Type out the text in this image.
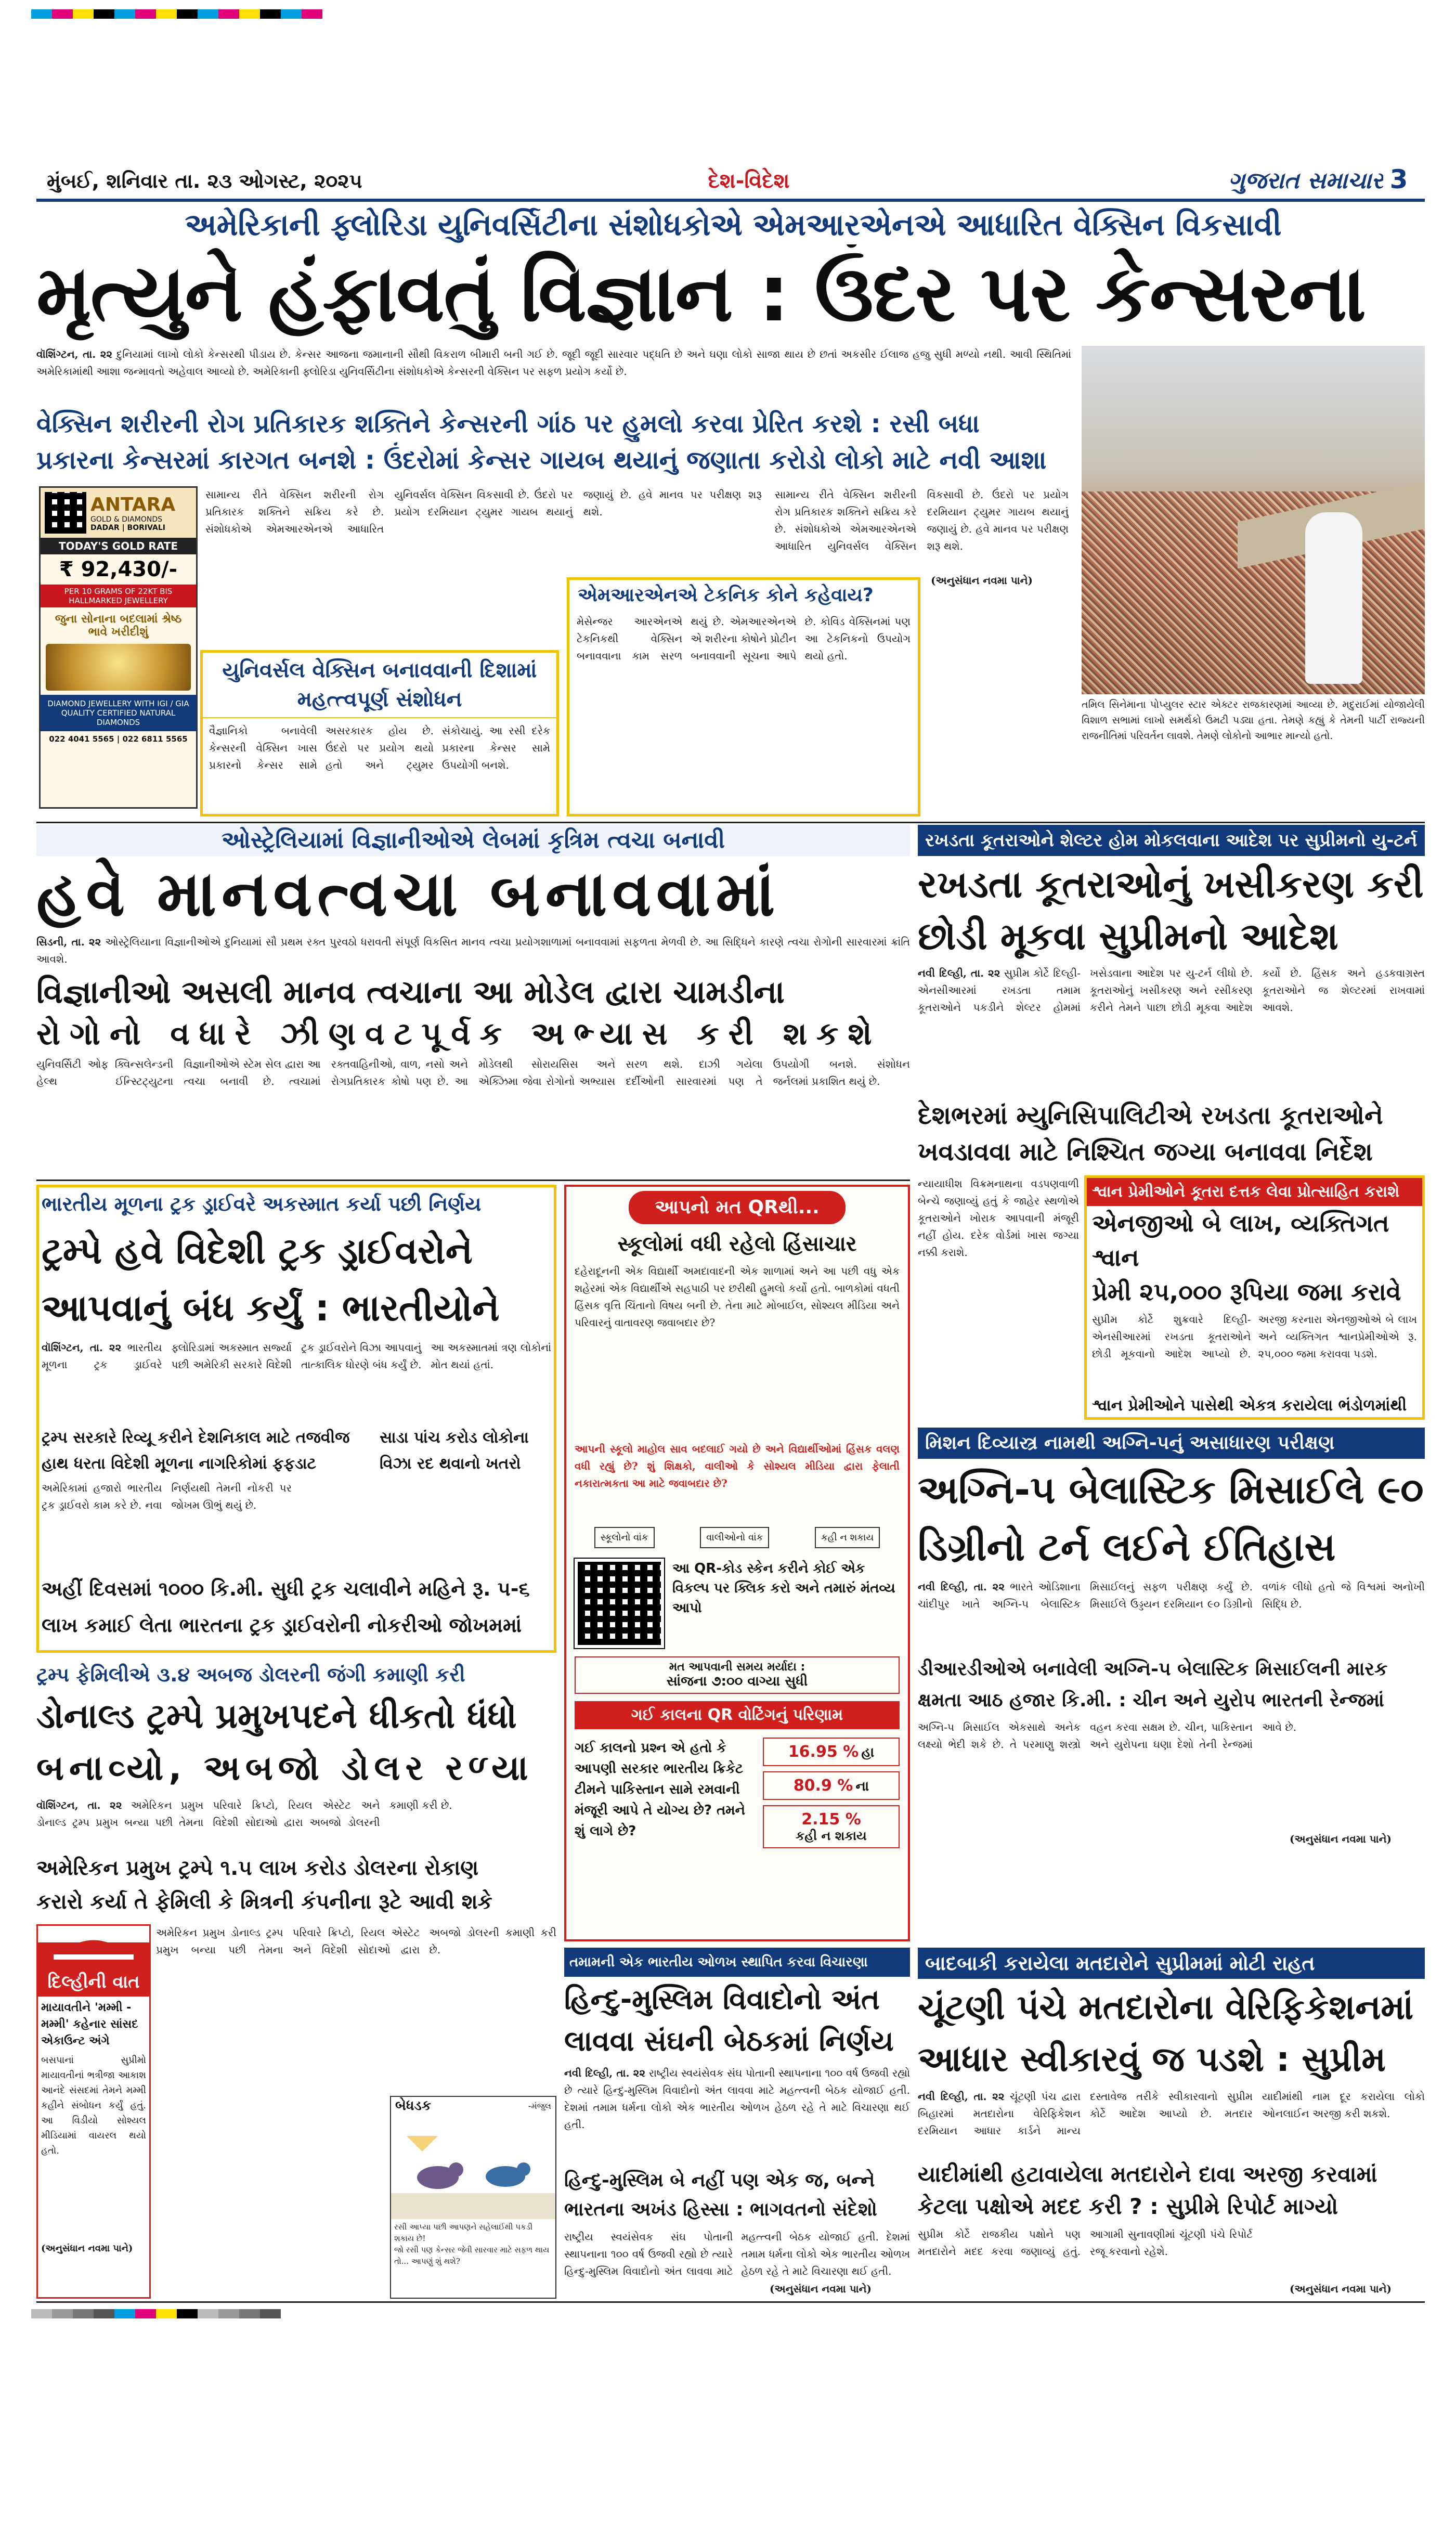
મુંબઈ, શનિવાર તા. ૨૩ ઓગસ્ટ, ૨૦૨૫	દેશ-વિદેશ	ગુજરાત સમાચાર 3
અમેરિકાની ફ્લોરિડા યુનિવર્સિટીના સંશોધકોએ એમઆરએનએ આધારિત વેક્સિન વિકસાવી
મૃત્યુને હંફાવતું વિજ્ઞાન : ઉંદર પર કેન્સરના
વૉશિંગ્ટન, તા. ૨૨ દુનિયામાં લાખો લોકો કેન્સરથી પીડાય છે. કેન્સર આજના જમાનાની સૌથી વિકરાળ બીમારી બની ગઈ છે. જૂદી જૂદી સારવાર પદ્ધતિ છે અને ઘણા લોકો સાજા થાય છે છતાં અકસીર ઈલાજ હજુ સુધી મળ્યો નથી. આવી સ્થિતિમાં અમેરિકામાંથી આશા જન્માવતો અહેવાલ આવ્યો છે. અમેરિકાની ફ્લોરિડા યુનિવર્સિટીના સંશોધકોએ કેન્સરની વેક્સિન પર સફળ પ્રયોગ કર્યો છે.
વેક્સિન શરીરની રોગ પ્રતિકારક શક્તિને કેન્સરની ગાંઠ પર હુમલો કરવા પ્રેરિત કરશે : રસી બધા
પ્રકારના કેન્સરમાં કારગત બનશે : ઉંદરોમાં કેન્સર ગાયબ થયાનું જણાતા કરોડો લોકો માટે નવી આશા
ANTARA
GOLD & DIAMONDS
DADAR | BORIVALI
TODAY'S GOLD RATE
₹ 92,430/-
PER 10 GRAMS OF 22KT BIS HALLMARKED JEWELLERY
જુના સોનાના બદલામાં શ્રેષ્ઠ ભાવે ખરીદીશું
DIAMOND JEWELLERY WITH IGI / GIA QUALITY CERTIFIED NATURAL DIAMONDS
022 4041 5565 | 022 6811 5565
સામાન્ય રીતે વેક્સિન શરીરની રોગ પ્રતિકારક શક્તિને સક્રિય કરે છે. સંશોધકોએ એમઆરએનએ આધારિત યુનિવર્સલ વેક્સિન વિકસાવી છે. ઉંદરો પર પ્રયોગ દરમિયાન ટ્યુમર ગાયબ થયાનું જણાયું છે. હવે માનવ પર પરીક્ષણ શરૂ થશે.
સામાન્ય રીતે વેક્સિન શરીરની રોગ પ્રતિકારક શક્તિને સક્રિય કરે છે. સંશોધકોએ એમઆરએનએ આધારિત યુનિવર્સલ વેક્સિન વિકસાવી છે. ઉંદરો પર પ્રયોગ દરમિયાન ટ્યુમર ગાયબ થયાનું જણાયું છે. હવે માનવ પર પરીક્ષણ શરૂ થશે.
યુનિવર્સલ વેક્સિન બનાવવાની દિશામાં મહત્ત્વપૂર્ણ સંશોધન
વૈજ્ઞાનિકો બનાવેલી કેન્સરની વેક્સિન ખાસ પ્રકારનો કેન્સર સામે અસરકારક હોય છે. ઉંદરો પર પ્રયોગ થયો હતો અને ટ્યુમર સંકોચાયું. આ રસી દરેક પ્રકારના કેન્સર સામે ઉપયોગી બનશે.
એમઆરએનએ ટેકનિક કોને કહેવાય?
મેસેન્જર આરએનએ ટેકનિકથી વેક્સિન બનાવવાના કામ સરળ થયું છે. એમઆરએનએ એ શરીરના કોષોને પ્રોટીન બનાવવાની સૂચના આપે છે. કોવિડ વેક્સિનમાં પણ આ ટેકનિકનો ઉપયોગ થયો હતો.
(અનુસંધાન નવમા પાને)
તમિલ સિનેમાના પોપ્યુલર સ્ટાર એક્ટર રાજકારણમાં આવ્યા છે. મદુરાઈમાં યોજાયેલી વિશાળ સભામાં લાખો સમર્થકો ઉમટી પડ્યા હતા. તેમણે કહ્યું કે તેમની પાર્ટી રાજ્યની રાજનીતિમાં પરિવર્તન લાવશે. તેમણે લોકોનો આભાર માન્યો હતો.
ઓસ્ટ્રેલિયામાં વિજ્ઞાનીઓએ લેબમાં કૃત્રિમ ત્વચા બનાવી
હવે માનવત્વચા બનાવવામાં
સિડની, તા. ૨૨ ઓસ્ટ્રેલિયાના વિજ્ઞાનીઓએ દુનિયામાં સૌ પ્રથમ રક્ત પુરવઠો ધરાવતી સંપૂર્ણ વિકસિત માનવ ત્વચા પ્રયોગશાળામાં બનાવવામાં સફળતા મેળવી છે. આ સિદ્ધિને કારણે ત્વચા રોગોની સારવારમાં ક્રાંતિ આવશે.
વિજ્ઞાનીઓ અસલી માનવ ત્વચાના આ મોડેલ દ્વારા ચામડીના
રોગોનો વધારે ઝીણવટપૂર્વક અભ્યાસ કરી શકશે
યુનિવર્સિટી ઓફ ક્વિન્સલેન્ડની હેલ્થ ઈન્સ્ટિટ્યુટના વિજ્ઞાનીઓએ સ્ટેમ સેલ દ્વારા આ ત્વચા બનાવી છે. ત્વચામાં રક્તવાહિનીઓ, વાળ, નસો અને રોગપ્રતિકારક કોષો પણ છે. આ મોડેલથી સોરાયસિસ અને એક્ઝિમા જેવા રોગોનો અભ્યાસ સરળ થશે. દાઝી ગયેલા દર્દીઓની સારવારમાં પણ તે ઉપયોગી બનશે. સંશોધન જર્નલમાં પ્રકાશિત થયું છે.
રખડતા કૂતરાઓને શેલ્ટર હોમ મોકલવાના આદેશ પર સુપ્રીમનો યુ-ટર્ન
રખડતા કૂતરાઓનું ખસીકરણ કરી
છોડી મૂકવા સુપ્રીમનો આદેશ
નવી દિલ્હી, તા. ૨૨ સુપ્રીમ કોર્ટે દિલ્હી-એનસીઆરમાં રખડતા તમામ કૂતરાઓને પકડીને શેલ્ટર હોમમાં ખસેડવાના આદેશ પર યુ-ટર્ન લીધો છે. કૂતરાઓનું ખસીકરણ અને રસીકરણ કરીને તેમને પાછા છોડી મૂકવા આદેશ કર્યો છે. હિંસક અને હડકવાગ્રસ્ત કૂતરાઓને જ શેલ્ટરમાં રાખવામાં આવશે.
દેશભરમાં મ્યુનિસિપાલિટીએ રખડતા કૂતરાઓને
ખવડાવવા માટે નિશ્ચિત જગ્યા બનાવવા નિર્દેશ
ન્યાયાધીશ વિક્રમનાથના વડપણવાળી બેન્ચે જણાવ્યું હતું કે જાહેર સ્થળોએ કૂતરાઓને ખોરાક આપવાની મંજૂરી નહીં હોય. દરેક વોર્ડમાં ખાસ જગ્યા નક્કી કરાશે.
શ્વાન પ્રેમીઓને કૂતરા દત્તક લેવા પ્રોત્સાહિત કરાશે
એનજીઓ બે લાખ, વ્યક્તિગત શ્વાન
પ્રેમી ૨૫,૦૦૦ રૂપિયા જમા કરાવે
સુપ્રીમ કોર્ટે શુક્રવારે દિલ્હી-એનસીઆરમાં રખડતા કૂતરાઓને છોડી મૂકવાનો આદેશ આપ્યો છે. અરજી કરનારા એનજીઓએ બે લાખ અને વ્યક્તિગત શ્વાનપ્રેમીઓએ રૂ. ૨૫,૦૦૦ જમા કરાવવા પડશે.
શ્વાન પ્રેમીઓને પાસેથી એકત્ર કરાયેલા ભંડોળમાંથી
ભારતીય મૂળના ટ્રક ડ્રાઈવરે અકસ્માત કર્યા પછી નિર્ણય
ટ્રમ્પે હવે વિદેશી ટ્રક ડ્રાઈવરોને
આપવાનું બંધ કર્યું : ભારતીયોને
વૉશિંગ્ટન, તા. ૨૨ ભારતીય મૂળના ટ્રક ડ્રાઈવરે ફ્લોરિડામાં અકસ્માત સર્જ્યા પછી અમેરિકી સરકારે વિદેશી ટ્રક ડ્રાઈવરોને વિઝા આપવાનું તાત્કાલિક ધોરણે બંધ કર્યું છે. આ અકસ્માતમાં ત્રણ લોકોનાં મોત થયાં હતાં.
ટ્રમ્પ સરકારે રિવ્યૂ કરીને દેશનિકાલ માટે તજવીજ
હાથ ધરતા વિદેશી મૂળના નાગરિકોમાં ફફડાટ
સાડા પાંચ કરોડ લોકોના
વિઝા રદ થવાનો ખતરો
અમેરિકામાં હજારો ભારતીય ટ્રક ડ્રાઈવરો કામ કરે છે. નવા નિર્ણયથી તેમની નોકરી પર જોખમ ઊભું થયું છે.
અહીં દિવસમાં ૧૦૦૦ કિ.મી. સુધી ટ્રક ચલાવીને મહિને રૂ. ૫-૬
લાખ કમાઈ લેતા ભારતના ટ્રક ડ્રાઈવરોની નોકરીઓ જોખમમાં
ટ્રમ્પ ફેમિલીએ ૩.૪ અબજ ડોલરની જંગી કમાણી કરી
ડોનાલ્ડ ટ્રમ્પે પ્રમુખપદને ધીકતો ધંધો
બનાવ્યો, અબજો ડોલર રળ્યા
વૉશિંગ્ટન, તા. ૨૨ અમેરિકન પ્રમુખ ડોનાલ્ડ ટ્રમ્પ પ્રમુખ બન્યા પછી તેમના પરિવારે ક્રિપ્ટો, રિયલ એસ્ટેટ અને વિદેશી સોદાઓ દ્વારા અબજો ડોલરની કમાણી કરી છે.
અમેરિકન પ્રમુખ ટ્રમ્પે ૧.૫ લાખ કરોડ ડોલરના રોકાણ
કરારો કર્યા તે ફેમિલી કે મિત્રની કંપનીના રૂટે આવી શકે
અમેરિકન પ્રમુખ ડોનાલ્ડ ટ્રમ્પ પ્રમુખ બન્યા પછી તેમના પરિવારે ક્રિપ્ટો, રિયલ એસ્ટેટ અને વિદેશી સોદાઓ દ્વારા અબજો ડોલરની કમાણી કરી છે.
દિલ્હીની વાત
માયાવતીને 'મમ્મી - મમ્મી' કહેનાર સાંસદ એકાઉન્ટ અંગે
બસપાનાં સુપ્રીમો માયાવતીનાં ભત્રીજા આકાશ આનંદે સંસદમાં તેમને મમ્મી કહીને સંબોધન કર્યું હતું. આ વિડીયો સોશ્યલ મીડિયામાં વાયરલ થયો હતો.
(અનુસંધાન નવમા પાને)
બેધડક	-મંજુલ
રસી આપ્યા પછી આપણને સહેલાઈથી પકડી શકાય છે!
જો રસી પણ કેન્સર જેવી સારવાર માટે સફળ થાય તો... આપણું શું થશે?
આપનો મત QRથી...
સ્કૂલોમાં વધી રહેલો હિંસાચાર
દહેરાદૂનની એક વિદ્યાર્થી અમદાવાદની એક શાળામાં અને આ પછી વધુ એક શહેરમાં એક વિદ્યાર્થીએ સહપાઠી પર છરીથી હુમલો કર્યો હતો. બાળકોમાં વધતી હિંસક વૃત્તિ ચિંતાનો વિષય બની છે. તેના માટે મોબાઈલ, સોશ્યલ મીડિયા અને પરિવારનું વાતાવરણ જવાબદાર છે?
આપની સ્કૂલો માહોલ સાવ બદલાઈ ગયો છે અને વિદ્યાર્થીઓમાં હિંસક વલણ વધી રહ્યું છે? શું શિક્ષકો, વાલીઓ કે સોશ્યલ મીડિયા દ્વારા ફેલાતી નકારાત્મકતા આ માટે જવાબદાર છે?
સ્કૂલોનો વાંક	વાલીઓનો વાંક	કહી ન શકાય
આ QR-કોડ સ્કેન કરીને કોઈ એક વિકલ્પ પર ક્લિક કરો અને તમારું મંતવ્ય આપો
મત આપવાની સમય મર્યાદા :
સાંજના ૭:૦૦ વાગ્યા સુધી
ગઈ કાલના QR વોટિંગનું પરિણામ
ગઈ કાલનો પ્રશ્ન એ હતો કે આપણી સરકાર ભારતીય ક્રિકેટ ટીમને પાકિસ્તાન સામે રમવાની મંજૂરી આપે તે યોગ્ય છે? તમને શું લાગે છે?
16.95 % હા
80.9 % ના
2.15 %
કહી ન શકાય
મિશન દિવ્યાસ્ત્ર નામથી અગ્નિ-૫નું અસાધારણ પરીક્ષણ
અગ્નિ-૫ બેલાસ્ટિક મિસાઈલે ૯૦
ડિગ્રીનો ટર્ન લઈને ઈતિહાસ
નવી દિલ્હી, તા. ૨૨ ભારતે ઓડિશાના ચાંદીપુર ખાતે અગ્નિ-૫ બેલાસ્ટિક મિસાઈલનું સફળ પરીક્ષણ કર્યું છે. મિસાઈલે ઉડ્ડયન દરમિયાન ૯૦ ડિગ્રીનો વળાંક લીધો હતો જે વિશ્વમાં અનોખી સિદ્ધિ છે.
ડીઆરડીઓએ બનાવેલી અગ્નિ-૫ બેલાસ્ટિક મિસાઈલની મારક
ક્ષમતા આઠ હજાર કિ.મી. : ચીન અને યુરોપ ભારતની રેન્જમાં
અગ્નિ-૫ મિસાઈલ એકસાથે અનેક લક્ષ્યો ભેદી શકે છે. તે પરમાણુ શસ્ત્રો વહન કરવા સક્ષમ છે. ચીન, પાકિસ્તાન અને યુરોપના ઘણા દેશો તેની રેન્જમાં આવે છે.
(અનુસંધાન નવમા પાને)
તમામની એક ભારતીય ઓળખ સ્થાપિત કરવા વિચારણા
હિન્દુ-મુસ્લિમ વિવાદોનો અંત
લાવવા સંઘની બેઠકમાં નિર્ણય
નવી દિલ્હી, તા. ૨૨ રાષ્ટ્રીય સ્વયંસેવક સંઘ પોતાની સ્થાપનાના ૧૦૦ વર્ષ ઉજવી રહ્યો છે ત્યારે હિન્દુ-મુસ્લિમ વિવાદોનો અંત લાવવા માટે મહત્ત્વની બેઠક યોજાઈ હતી. દેશમાં તમામ ધર્મના લોકો એક ભારતીય ઓળખ હેઠળ રહે તે માટે વિચારણા થઈ હતી.
હિન્દુ-મુસ્લિમ બે નહીં પણ એક જ, બન્ને
ભારતના અખંડ હિસ્સા : ભાગવતનો સંદેશો
રાષ્ટ્રીય સ્વયંસેવક સંઘ પોતાની સ્થાપનાના ૧૦૦ વર્ષ ઉજવી રહ્યો છે ત્યારે હિન્દુ-મુસ્લિમ વિવાદોનો અંત લાવવા માટે મહત્ત્વની બેઠક યોજાઈ હતી. દેશમાં તમામ ધર્મના લોકો એક ભારતીય ઓળખ હેઠળ રહે તે માટે વિચારણા થઈ હતી.
(અનુસંધાન નવમા પાને)
બાદબાકી કરાયેલા મતદારોને સુપ્રીમમાં મોટી રાહત
ચૂંટણી પંચે મતદારોના વેરિફિકેશનમાં
આધાર સ્વીકારવું જ પડશે : સુપ્રીમ
નવી દિલ્હી, તા. ૨૨ ચૂંટણી પંચ દ્વારા બિહારમાં મતદારોના વેરિફિકેશન દરમિયાન આધાર કાર્ડને માન્ય દસ્તાવેજ તરીકે સ્વીકારવાનો સુપ્રીમ કોર્ટે આદેશ આપ્યો છે. મતદાર યાદીમાંથી નામ દૂર કરાયેલા લોકો ઓનલાઈન અરજી કરી શકશે.
યાદીમાંથી હટાવાયેલા મતદારોને દાવા અરજી કરવામાં
કેટલા પક્ષોએ મદદ કરી ? : સુપ્રીમે રિપોર્ટ માગ્યો
સુપ્રીમ કોર્ટે રાજકીય પક્ષોને પણ મતદારોને મદદ કરવા જણાવ્યું હતું. આગામી સુનાવણીમાં ચૂંટણી પંચે રિપોર્ટ રજૂ કરવાનો રહેશે.
(અનુસંધાન નવમા પાને)
